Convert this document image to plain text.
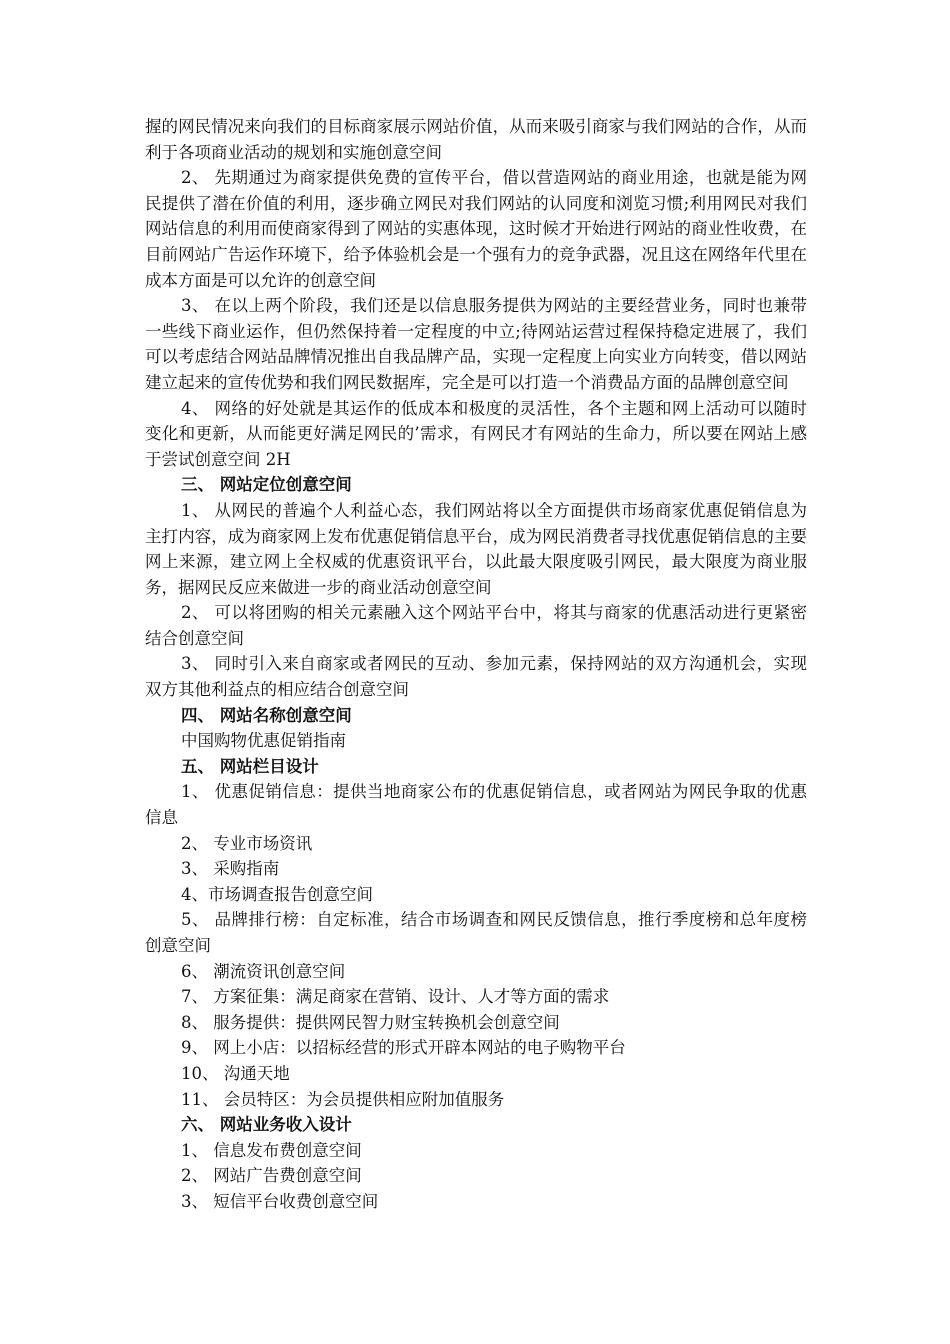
握的网民情况来向我们的目标商家展示网站价值，从而来吸引商家与我们网站的合作，从而利于各项商业活动的规划和实施创意空间

2、 先期通过为商家提供免费的宣传平台，借以营造网站的商业用途，也就是能为网民提供了潜在价值的利用，逐步确立网民对我们网站的认同度和浏览习惯;利用网民对我们网站信息的利用而使商家得到了网站的实惠体现，这时候才开始进行网站的商业性收费，在目前网站广告运作环境下，给予体验机会是一个强有力的竞争武器，况且这在网络年代里在成本方面是可以允许的创意空间

3、 在以上两个阶段，我们还是以信息服务提供为网站的主要经营业务，同时也兼带一些线下商业运作，但仍然保持着一定程度的中立;待网站运营过程保持稳定进展了，我们可以考虑结合网站品牌情况推出自我品牌产品，实现一定程度上向实业方向转变，借以网站建立起来的宣传优势和我们网民数据库，完全是可以打造一个消费品方面的品牌创意空间

4、 网络的好处就是其运作的低成本和极度的灵活性，各个主题和网上活动可以随时变化和更新，从而能更好满足网民的’需求，有网民才有网站的生命力，所以要在网站上感于尝试创意空间 2H

三、 网站定位创意空间

1、 从网民的普遍个人利益心态，我们网站将以全方面提供市场商家优惠促销信息为主打内容，成为商家网上发布优惠促销信息平台，成为网民消费者寻找优惠促销信息的主要网上来源，建立网上全权威的优惠资讯平台，以此最大限度吸引网民，最大限度为商业服务，据网民反应来做进一步的商业活动创意空间

2、 可以将团购的相关元素融入这个网站平台中，将其与商家的优惠活动进行更紧密结合创意空间

3、 同时引入来自商家或者网民的互动、参加元素，保持网站的双方沟通机会，实现双方其他利益点的相应结合创意空间

四、 网站名称创意空间

中国购物优惠促销指南

五、 网站栏目设计

1、 优惠促销信息：提供当地商家公布的优惠促销信息，或者网站为网民争取的优惠信息

2、 专业市场资讯

3、 采购指南

4、市场调查报告创意空间

5、 品牌排行榜：自定标准，结合市场调查和网民反馈信息，推行季度榜和总年度榜创意空间

6、 潮流资讯创意空间

7、 方案征集：满足商家在营销、设计、人才等方面的需求

8、 服务提供：提供网民智力财宝转换机会创意空间

9、 网上小店：以招标经营的形式开辟本网站的电子购物平台

10、 沟通天地

11、 会员特区：为会员提供相应附加值服务

六、 网站业务收入设计

1、 信息发布费创意空间

2、 网站广告费创意空间

3、 短信平台收费创意空间
